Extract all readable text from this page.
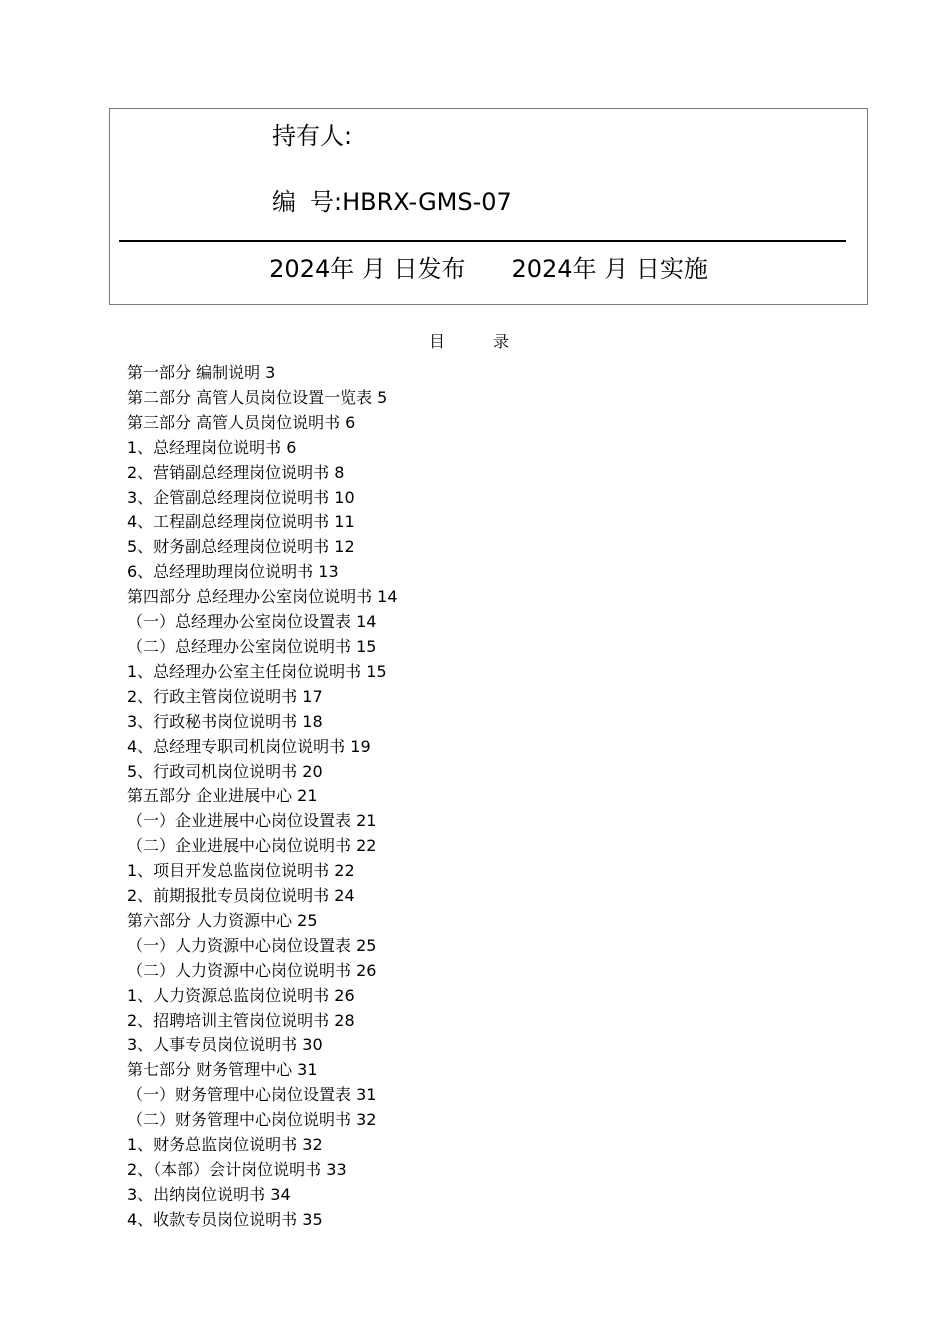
持有人:
编 号:HBRX-GMS-07
2024年 月 日发布 2024年 月 日实施
目录
第一部分 编制说明 3
第二部分 高管人员岗位设置一览表 5
第三部分 高管人员岗位说明书 6
1、总经理岗位说明书 6
2、营销副总经理岗位说明书 8
3、企管副总经理岗位说明书 10
4、工程副总经理岗位说明书 11
5、财务副总经理岗位说明书 12
6、总经理助理岗位说明书 13
第四部分 总经理办公室岗位说明书 14
（一）总经理办公室岗位设置表 14
（二）总经理办公室岗位说明书 15
1、总经理办公室主任岗位说明书 15
2、行政主管岗位说明书 17
3、行政秘书岗位说明书 18
4、总经理专职司机岗位说明书 19
5、行政司机岗位说明书 20
第五部分 企业进展中心 21
（一）企业进展中心岗位设置表 21
（二）企业进展中心岗位说明书 22
1、项目开发总监岗位说明书 22
2、前期报批专员岗位说明书 24
第六部分 人力资源中心 25
（一）人力资源中心岗位设置表 25
（二）人力资源中心岗位说明书 26
1、人力资源总监岗位说明书 26
2、招聘培训主管岗位说明书 28
3、人事专员岗位说明书 30
第七部分 财务管理中心 31
（一）财务管理中心岗位设置表 31
（二）财务管理中心岗位说明书 32
1、财务总监岗位说明书 32
2、（本部）会计岗位说明书 33
3、出纳岗位说明书 34
4、收款专员岗位说明书 35
